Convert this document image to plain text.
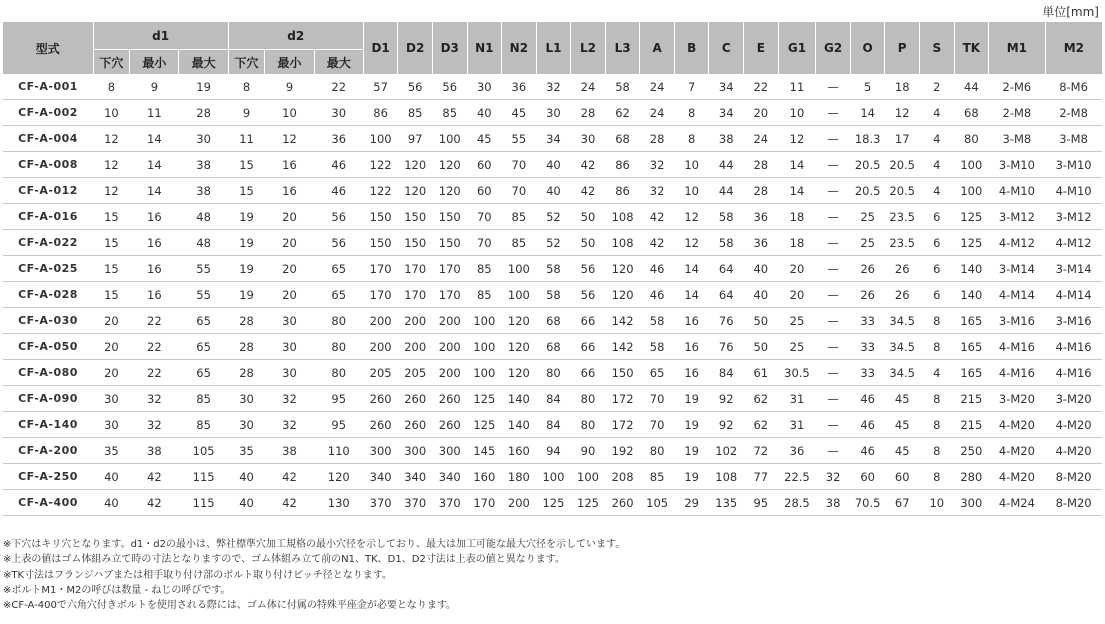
単位[mm]
型式	d1			d2			D1	D2	D3	N1	N2	L1	L2	L3	A	B	C	E	G1	G2	O	P	S	TK	M1	M2
	下穴	最小	最大	下穴	最小	最大																				
CF-A-001	8	9	19	8	9	22	57	56	56	30	36	32	24	58	24	7	34	22	11	—	5	18	2	44	2-M6	8-M6
CF-A-002	10	11	28	9	10	30	86	85	85	40	45	30	28	62	24	8	34	20	10	—	14	12	4	68	2-M8	2-M8
CF-A-004	12	14	30	11	12	36	100	97	100	45	55	34	30	68	28	8	38	24	12	—	18.3	17	4	80	3-M8	3-M8
CF-A-008	12	14	38	15	16	46	122	120	120	60	70	40	42	86	32	10	44	28	14	—	20.5	20.5	4	100	3-M10	3-M10
CF-A-012	12	14	38	15	16	46	122	120	120	60	70	40	42	86	32	10	44	28	14	—	20.5	20.5	4	100	4-M10	4-M10
CF-A-016	15	16	48	19	20	56	150	150	150	70	85	52	50	108	42	12	58	36	18	—	25	23.5	6	125	3-M12	3-M12
CF-A-022	15	16	48	19	20	56	150	150	150	70	85	52	50	108	42	12	58	36	18	—	25	23.5	6	125	4-M12	4-M12
CF-A-025	15	16	55	19	20	65	170	170	170	85	100	58	56	120	46	14	64	40	20	—	26	26	6	140	3-M14	3-M14
CF-A-028	15	16	55	19	20	65	170	170	170	85	100	58	56	120	46	14	64	40	20	—	26	26	6	140	4-M14	4-M14
CF-A-030	20	22	65	28	30	80	200	200	200	100	120	68	66	142	58	16	76	50	25	—	33	34.5	8	165	3-M16	3-M16
CF-A-050	20	22	65	28	30	80	200	200	200	100	120	68	66	142	58	16	76	50	25	—	33	34.5	8	165	4-M16	4-M16
CF-A-080	20	22	65	28	30	80	205	205	200	100	120	80	66	150	65	16	84	61	30.5	—	33	34.5	4	165	4-M16	4-M16
CF-A-090	30	32	85	30	32	95	260	260	260	125	140	84	80	172	70	19	92	62	31	—	46	45	8	215	3-M20	3-M20
CF-A-140	30	32	85	30	32	95	260	260	260	125	140	84	80	172	70	19	92	62	31	—	46	45	8	215	4-M20	4-M20
CF-A-200	35	38	105	35	38	110	300	300	300	145	160	94	90	192	80	19	102	72	36	—	46	45	8	250	4-M20	4-M20
CF-A-250	40	42	115	40	42	120	340	340	340	160	180	100	100	208	85	19	108	77	22.5	32	60	60	8	280	4-M20	8-M20
CF-A-400	40	42	115	40	42	130	370	370	370	170	200	125	125	260	105	29	135	95	28.5	38	70.5	67	10	300	4-M24	8-M20
※下穴はキリ穴となります。d1・d2の最小は、弊社標準穴加工規格の最小穴径を示しており、最大は加工可能な最大穴径を示しています。
※上表の値はゴム体組み立て時の寸法となりますので、ゴム体組み立て前のN1、TK、D1、D2寸法は上表の値と異なります。
※TK寸法はフランジハブまたは相手取り付け部のボルト取り付けピッチ径となります。
※ボルトM1・M2の呼びは数量 - ねじの呼びです。
※CF-A-400で六角穴付きボルトを使用される際には、ゴム体に付属の特殊平座金が必要となります。
